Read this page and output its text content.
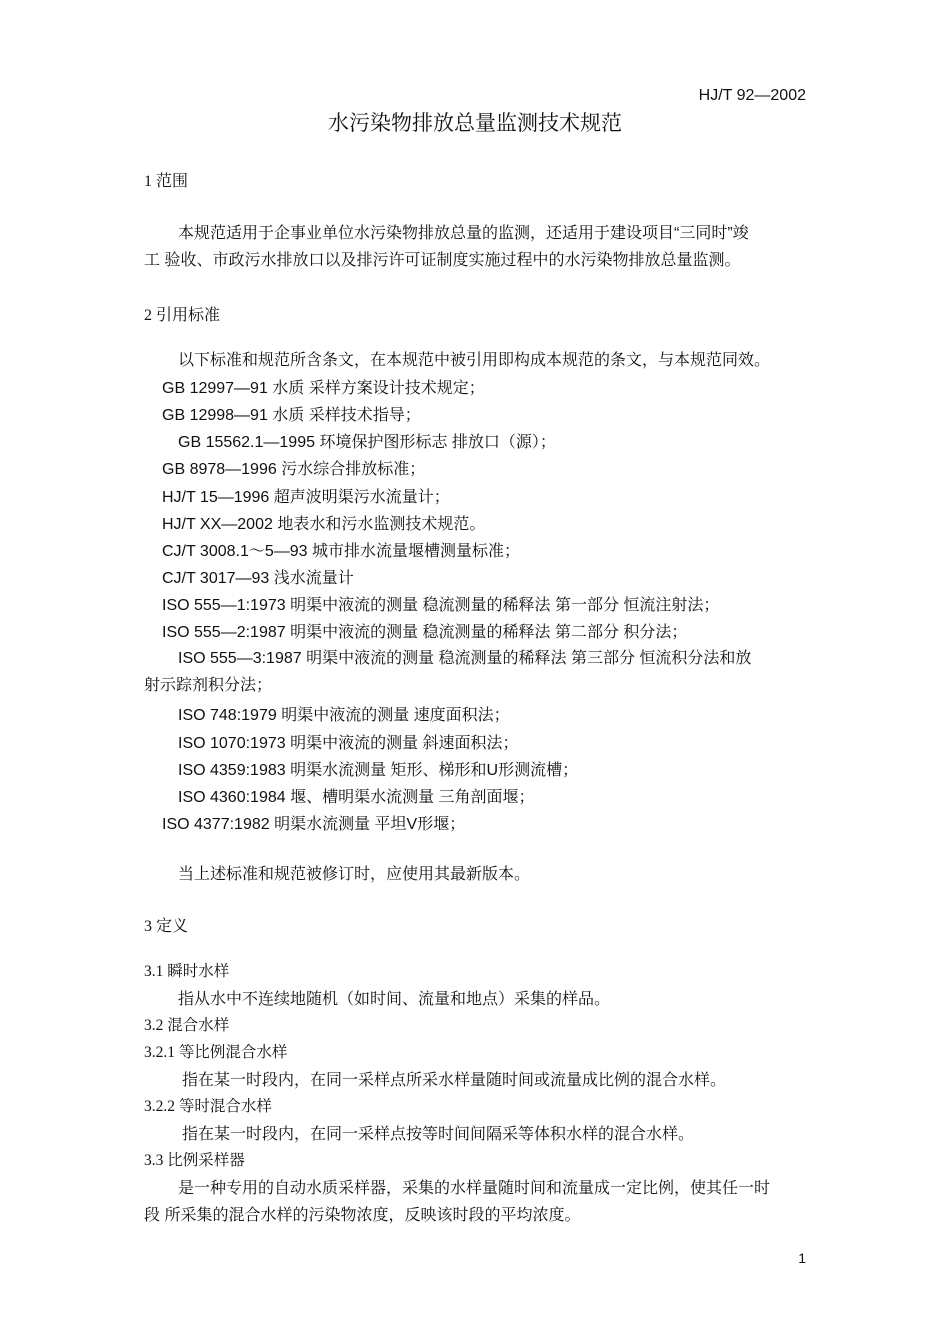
HJ/T 92—2002
水污染物排放总量监测技术规范
1 范围
本规范适用于企事业单位水污染物排放总量的监测，还适用于建设项目“三同时”竣
工 验收、市政污水排放口以及排污许可证制度实施过程中的水污染物排放总量监测。
2 引用标准
以下标准和规范所含条文，在本规范中被引用即构成本规范的条文，与本规范同效。
GB 12997—91 水质 采样方案设计技术规定；
GB 12998—91 水质 采样技术指导；
GB 15562.1—1995 环境保护图形标志 排放口（源）；
GB 8978—1996 污水综合排放标准；
HJ/T 15—1996 超声波明渠污水流量计；
HJ/T XX—2002 地表水和污水监测技术规范。
CJ/T 3008.1～5—93 城市排水流量堰槽测量标准；
CJ/T 3017—93 浅水流量计
ISO 555—1:1973 明渠中液流的测量 稳流测量的稀释法 第一部分 恒流注射法；
ISO 555—2:1987 明渠中液流的测量 稳流测量的稀释法 第二部分 积分法；
ISO 555—3:1987 明渠中液流的测量 稳流测量的稀释法 第三部分 恒流积分法和放
射示踪剂积分法；
ISO 748:1979 明渠中液流的测量 速度面积法；
ISO 1070:1973 明渠中液流的测量 斜速面积法；
ISO 4359:1983 明渠水流测量 矩形、梯形和U形测流槽；
ISO 4360:1984 堰、槽明渠水流测量 三角剖面堰；
ISO 4377:1982 明渠水流测量 平坦V形堰；
当上述标准和规范被修订时，应使用其最新版本。
3 定义
3.1 瞬时水样
指从水中不连续地随机（如时间、流量和地点）采集的样品。
3.2 混合水样
3.2.1 等比例混合水样
指在某一时段内，在同一采样点所采水样量随时间或流量成比例的混合水样。
3.2.2 等时混合水样
指在某一时段内，在同一采样点按等时间间隔采等体积水样的混合水样。
3.3 比例采样器
是一种专用的自动水质采样器，采集的水样量随时间和流量成一定比例，使其任一时
段 所采集的混合水样的污染物浓度，反映该时段的平均浓度。
1
